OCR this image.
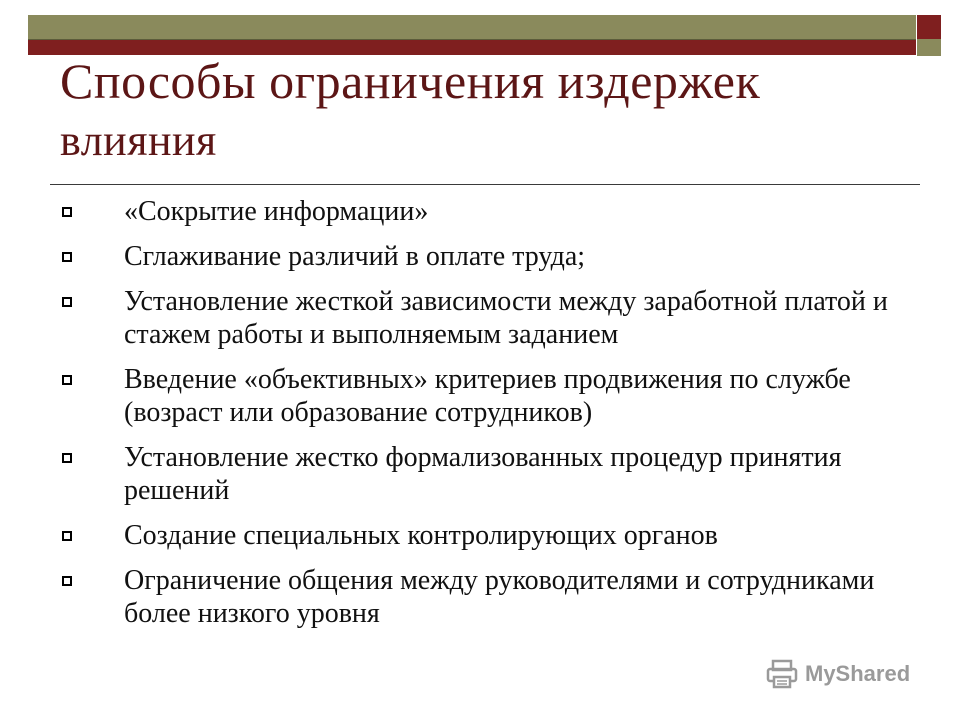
Способы ограничения издержек
влияния
«Сокрытие информации»
Сглаживание различий в оплате труда;
Установление жесткой зависимости между заработной платой и стажем работы и выполняемым заданием
Введение «объективных» критериев продвижения по службе (возраст или образование сотрудников)
Установление жестко формализованных процедур принятия решений
Создание специальных контролирующих органов
Ограничение общения между руководителями и сотрудниками более низкого уровня
MyShared
